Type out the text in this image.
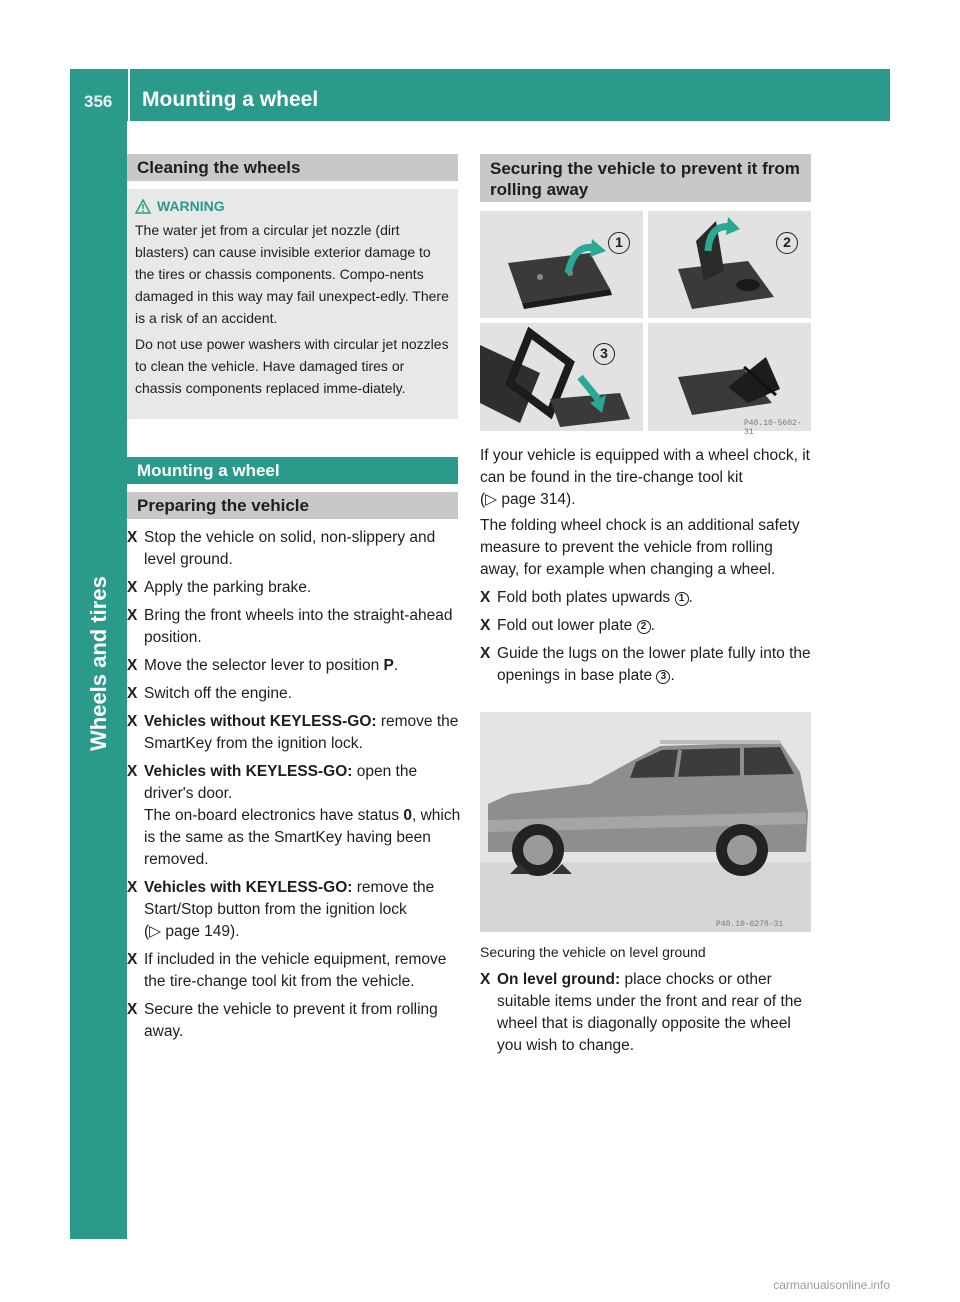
356 Mounting a wheel
Wheels and tires
Cleaning the wheels
WARNING

The water jet from a circular jet nozzle (dirt blasters) can cause invisible exterior damage to the tires or chassis components. Compo-nents damaged in this way may fail unexpect-edly. There is a risk of an accident.

Do not use power washers with circular jet nozzles to clean the vehicle. Have damaged tires or chassis components replaced imme-diately.

Mounting a wheel
Preparing the vehicle
X Stop the vehicle on solid, non-slippery and level ground.
X Apply the parking brake.
X Bring the front wheels into the straight-ahead position.
X Move the selector lever to position P.
X Switch off the engine.
X Vehicles without KEYLESS-GO: remove the SmartKey from the ignition lock.
X Vehicles with KEYLESS-GO: open the driver's door.
The on-board electronics have status 0, which is the same as the SmartKey having been removed.
X Vehicles with KEYLESS-GO: remove the Start/Stop button from the ignition lock
(▷ page 149).
X If included in the vehicle equipment, remove the tire-change tool kit from the vehicle.
X Secure the vehicle to prevent it from rolling away.
Securing the vehicle to prevent it from rolling away
1	2
3
P40.10-5602-31

If your vehicle is equipped with a wheel chock, it can be found in the tire-change tool kit
(▷ page 314).

The folding wheel chock is an additional safety measure to prevent the vehicle from rolling away, for example when changing a wheel.

X Fold both plates upwards 1 .
X Fold out lower plate 2 .
X Guide the lugs on the lower plate fully into the openings in base plate 3 .
P40.10-6278-31
Securing the vehicle on level ground
X On level ground: place chocks or other suitable items under the front and rear of the wheel that is diagonally opposite the wheel you wish to change.
carmanualsonline.info
